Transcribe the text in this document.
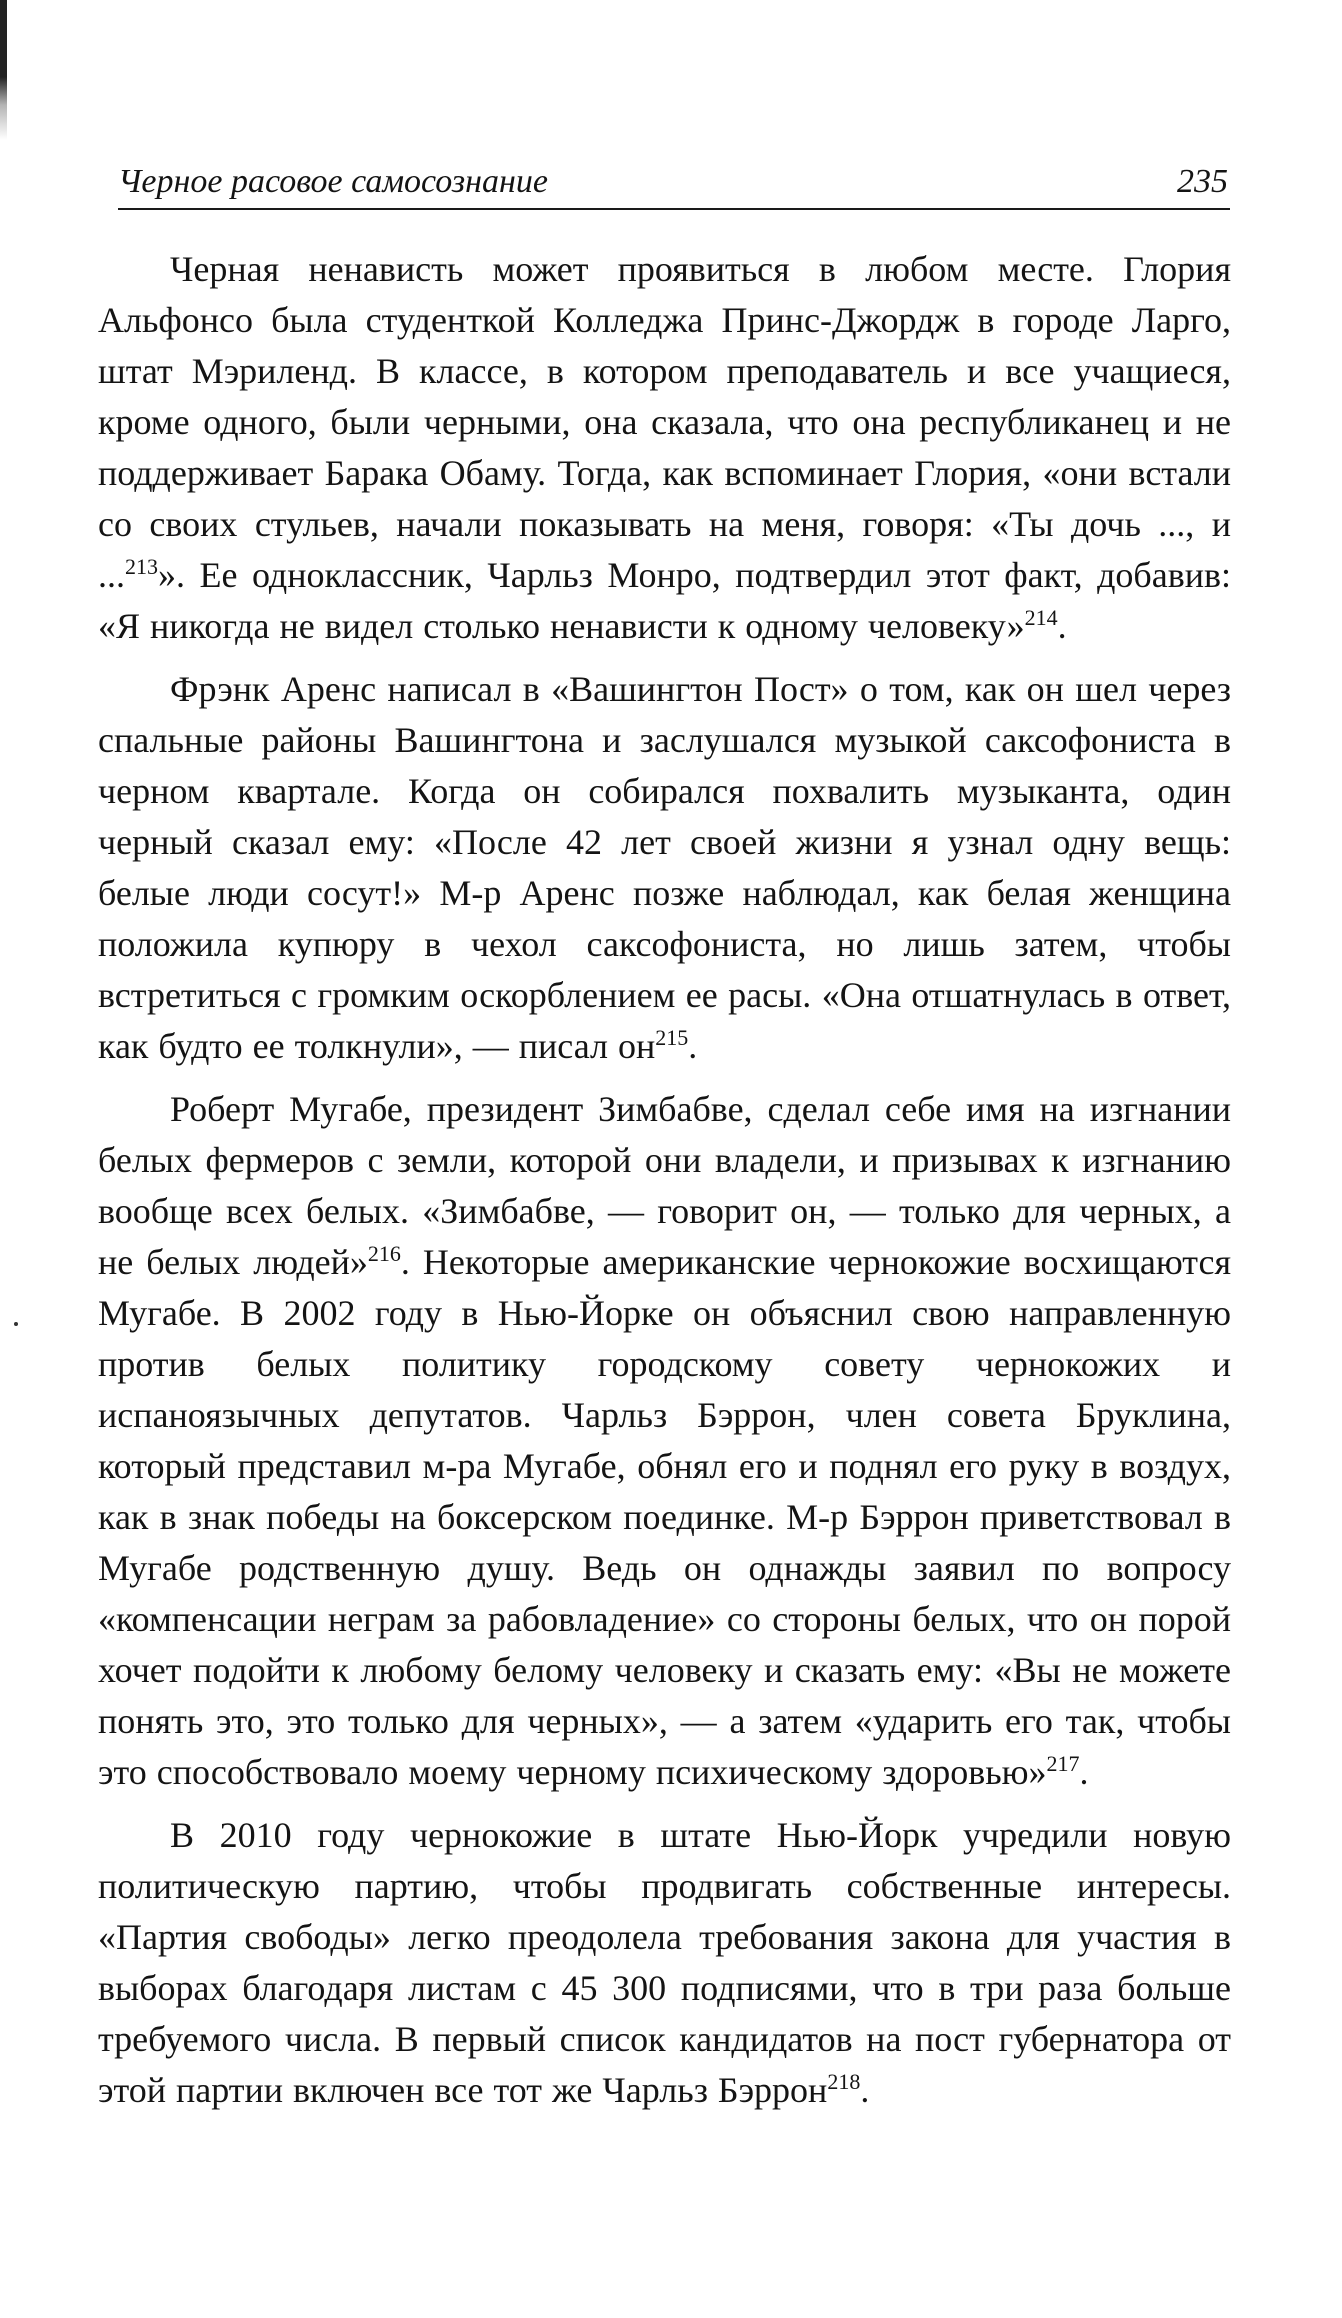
Черное расовое самосознание	235

Черная ненависть может проявиться в любом месте. Глория Альфонсо была студенткой Колледжа Принс-Джордж в городе Ларго, штат Мэриленд. В классе, в котором преподаватель и все учащиеся, кроме одного, были черными, она сказала, что она республиканец и не поддерживает Барака Обаму. Тогда, как вспоминает Глория, «они встали со своих стульев, начали показывать на меня, говоря: «Ты дочь ..., и ...$^{213}$». Ее одноклассник, Чарльз Монро, подтвердил этот факт, добавив: «Я никогда не видел столько ненависти к одному человеку»$^{214}$.

Фрэнк Аренс написал в «Вашингтон Пост» о том, как он шел через спальные районы Вашингтона и заслушался музыкой саксофониста в черном квартале. Когда он собирался похвалить музыканта, один черный сказал ему: «После 42 лет своей жизни я узнал одну вещь: белые люди сосут!» М-р Аренс позже наблюдал, как белая женщина положила купюру в чехол саксофониста, но лишь затем, чтобы встретиться с громким оскорблением ее расы. «Она отшатнулась в ответ, как будто ее толкнули», — писал он$^{215}$.

Роберт Мугабе, президент Зимбабве, сделал себе имя на изгнании белых фермеров с земли, которой они владели, и призывах к изгнанию вообще всех белых. «Зимбабве, — говорит он, — только для черных, а не белых людей»$^{216}$. Некоторые американские чернокожие восхищаются Мугабе. В 2002 году в Нью-Йорке он объяснил свою направленную против белых политику городскому совету чернокожих и испаноязычных депутатов. Чарльз Бэррон, член совета Бруклина, который представил м-ра Мугабе, обнял его и поднял его руку в воздух, как в знак победы на боксерском поединке. М-р Бэррон приветствовал в Мугабе родственную душу. Ведь он однажды заявил по вопросу «компенсации неграм за рабовладение» со стороны белых, что он порой хочет подойти к любому белому человеку и сказать ему: «Вы не можете понять это, это только для черных», — а затем «ударить его так, чтобы это способствовало моему черному психическому здоровью»$^{217}$.

В 2010 году чернокожие в штате Нью-Йорк учредили новую политическую партию, чтобы продвигать собственные интересы. «Партия свободы» легко преодолела требования закона для участия в выборах благодаря листам с 45 300 подписями, что в три раза больше требуемого числа. В первый список кандидатов на пост губернатора от этой партии включен все тот же Чарльз Бэррон$^{218}$.
